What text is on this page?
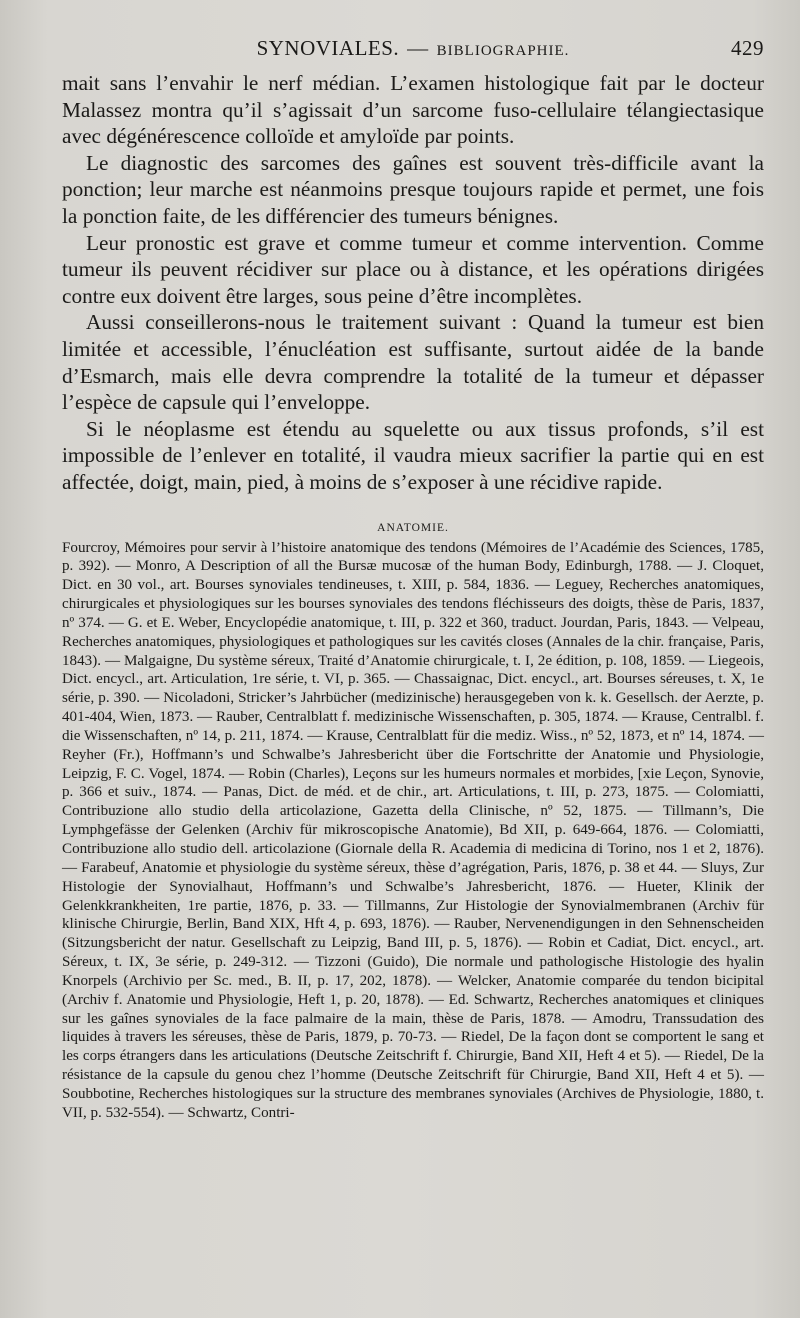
SYNOVIALES. — BIBLIOGRAPHIE.	429

mait sans l’envahir le nerf médian. L’examen histologique fait par le docteur Malassez montra qu’il s’agissait d’un sarcome fuso-cellulaire télangiectasique avec dégénérescence colloïde et amyloïde par points.

Le diagnostic des sarcomes des gaînes est souvent très-difficile avant la ponction; leur marche est néanmoins presque toujours rapide et permet, une fois la ponction faite, de les différencier des tumeurs bénignes.

Leur pronostic est grave et comme tumeur et comme intervention. Comme tumeur ils peuvent récidiver sur place ou à distance, et les opérations dirigées contre eux doivent être larges, sous peine d’être incomplètes.

Aussi conseillerons-nous le traitement suivant : Quand la tumeur est bien limitée et accessible, l’énucléation est suffisante, surtout aidée de la bande d’Esmarch, mais elle devra comprendre la totalité de la tumeur et dépasser l’espèce de capsule qui l’enveloppe.

Si le néoplasme est étendu au squelette ou aux tissus profonds, s’il est impossible de l’enlever en totalité, il vaudra mieux sacrifier la partie qui en est affectée, doigt, main, pied, à moins de s’exposer à une récidive rapide.

ANATOMIE.

Fourcroy, Mémoires pour servir à l’histoire anatomique des tendons (Mémoires de l’Académie des Sciences, 1785, p. 392). — Monro, A Description of all the Bursæ mucosæ of the human Body, Edinburgh, 1788. — J. Cloquet, Dict. en 30 vol., art. Bourses synoviales tendineuses, t. XIII, p. 584, 1836. — Leguey, Recherches anatomiques, chirurgicales et physiologiques sur les bourses synoviales des tendons fléchisseurs des doigts, thèse de Paris, 1837, nº 374. — G. et E. Weber, Encyclopédie anatomique, t. III, p. 322 et 360, traduct. Jourdan, Paris, 1843. — Velpeau, Recherches anatomiques, physiologiques et pathologiques sur les cavités closes (Annales de la chir. française, Paris, 1843). — Malgaigne, Du système séreux, Traité d’Anatomie chirurgicale, t. I, 2e édition, p. 108, 1859. — Liegeois, Dict. encycl., art. Articulation, 1re série, t. VI, p. 365. — Chassaignac, Dict. encycl., art. Bourses séreuses, t. X, 1e série, p. 390. — Nicoladoni, Stricker’s Jahrbücher (medizinische) herausgegeben von k. k. Gesellsch. der Aerzte, p. 401-404, Wien, 1873. — Rauber, Centralblatt f. medizinische Wissenschaften, p. 305, 1874. — Krause, Centralbl. f. die Wissenschaften, nº 14, p. 211, 1874. — Krause, Centralblatt für die mediz. Wiss., nº 52, 1873, et nº 14, 1874. — Reyher (Fr.), Hoffmann’s und Schwalbe’s Jahresbericht über die Fortschritte der Anatomie und Physiologie, Leipzig, F. C. Vogel, 1874. — Robin (Charles), Leçons sur les humeurs normales et morbides, [xie Leçon, Synovie, p. 366 et suiv., 1874. — Panas, Dict. de méd. et de chir., art. Articulations, t. III, p. 273, 1875. — Colomiatti, Contribuzione allo studio della articolazione, Gazetta della Clinische, nº 52, 1875. — Tillmann’s, Die Lymphgefässe der Gelenken (Archiv für mikroscopische Anatomie), Bd XII, p. 649-664, 1876. — Colomiatti, Contribuzione allo studio dell. articolazione (Giornale della R. Academia di medicina di Torino, nos 1 et 2, 1876). — Farabeuf, Anatomie et physiologie du système séreux, thèse d’agrégation, Paris, 1876, p. 38 et 44. — Sluys, Zur Histologie der Synovialhaut, Hoffmann’s und Schwalbe’s Jahresbericht, 1876. — Hueter, Klinik der Gelenkkrankheiten, 1re partie, 1876, p. 33. — Tillmanns, Zur Histologie der Synovialmembranen (Archiv für klinische Chirurgie, Berlin, Band XIX, Hft 4, p. 693, 1876). — Rauber, Nervenendigungen in den Sehnenscheiden (Sitzungsbericht der natur. Gesellschaft zu Leipzig, Band III, p. 5, 1876). — Robin et Cadiat, Dict. encycl., art. Séreux, t. IX, 3e série, p. 249-312. — Tizzoni (Guido), Die normale und pathologische Histologie des hyalin Knorpels (Archivio per Sc. med., B. II, p. 17, 202, 1878). — Welcker, Anatomie comparée du tendon bicipital (Archiv f. Anatomie und Physiologie, Heft 1, p. 20, 1878). — Ed. Schwartz, Recherches anatomiques et cliniques sur les gaînes synoviales de la face palmaire de la main, thèse de Paris, 1878. — Amodru, Transsudation des liquides à travers les séreuses, thèse de Paris, 1879, p. 70-73. — Riedel, De la façon dont se comportent le sang et les corps étrangers dans les articulations (Deutsche Zeitschrift f. Chirurgie, Band XII, Heft 4 et 5). — Riedel, De la résistance de la capsule du genou chez l’homme (Deutsche Zeitschrift für Chirurgie, Band XII, Heft 4 et 5). — Soubbotine, Recherches histologiques sur la structure des membranes synoviales (Archives de Physiologie, 1880, t. VII, p. 532-554). — Schwartz, Contri-
